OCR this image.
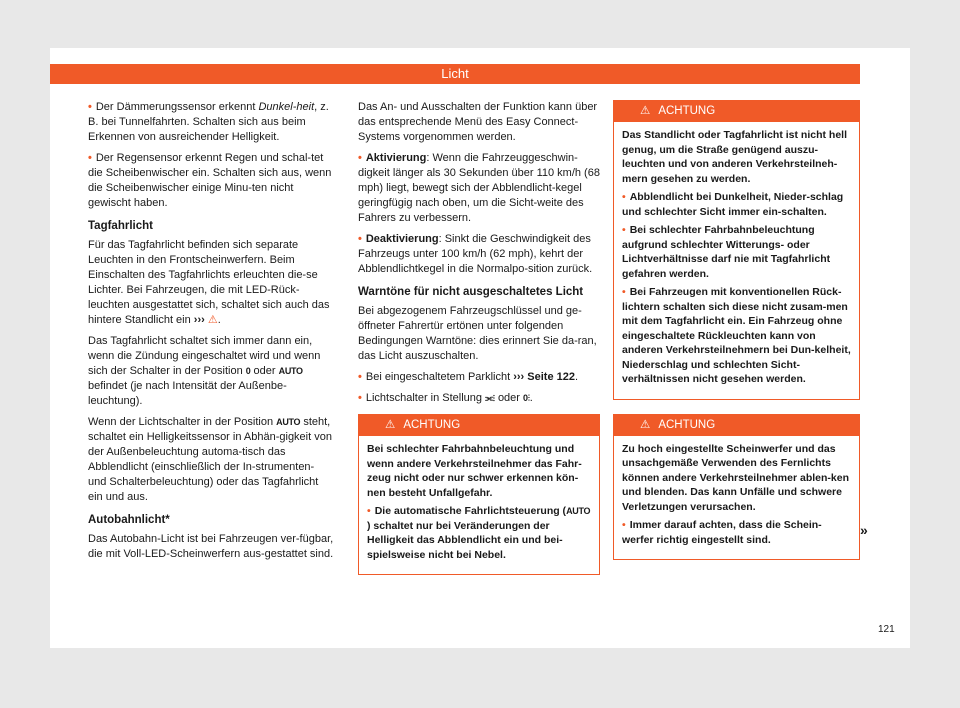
Licht
• Der Dämmerungssensor erkennt Dunkel-heit, z. B. bei Tunnelfahrten. Schalten sich aus beim Erkennen von ausreichender Helligkeit.
• Der Regensensor erkennt Regen und schal-tet die Scheibenwischer ein. Schalten sich aus, wenn die Scheibenwischer einige Minu-ten nicht gewischt haben.
Tagfahrlicht

Für das Tagfahrlicht befinden sich separate Leuchten in den Frontscheinwerfern. Beim Einschalten des Tagfahrlichts erleuchten die-se Lichter. Bei Fahrzeugen, die mit LED-Rück-leuchten ausgestattet sich, schaltet sich auch das hintere Standlicht ein ››› ⚠.

Das Tagfahrlicht schaltet sich immer dann ein, wenn die Zündung eingeschaltet wird und wenn sich der Schalter in der Position 0 oder AUTO befindet (je nach Intensität der Außenbe-leuchtung).

Wenn der Lichtschalter in der Position AUTO steht, schaltet ein Helligkeitssensor in Abhän-gigkeit von der Außenbeleuchtung automa-tisch das Abblendlicht (einschließlich der In-strumenten- und Schalterbeleuchtung) oder das Tagfahrlicht ein und aus.

Autobahnlicht*

Das Autobahn-Licht ist bei Fahrzeugen ver-fügbar, die mit Voll-LED-Scheinwerfern aus-gestattet sind.

Das An- und Ausschalten der Funktion kann über das entsprechende Menü des Easy Connect-Systems vorgenommen werden.

• Aktivierung: Wenn die Fahrzeuggeschwin-digkeit länger als 30 Sekunden über 110 km/h (68 mph) liegt, bewegt sich der Abblendlicht-kegel geringfügig nach oben, um die Sicht-weite des Fahrers zu verbessern.
• Deaktivierung: Sinkt die Geschwindigkeit des Fahrzeugs unter 100 km/h (62 mph), kehrt der Abblendlichtkegel in die Normalpo-sition zurück.
Warntöne für nicht ausgeschaltetes Licht

Bei abgezogenem Fahrzeugschlüssel und ge-öffneter Fahrertür ertönen unter folgenden Bedingungen Warntöne: dies erinnert Sie da-ran, das Licht auszuschalten.

• Bei eingeschaltetem Parklicht ››› Seite 122.
• Lichtschalter in Stellung ⫘⫶ oder 0⫶.
⚠ ACHTUNG

Bei schlechter Fahrbahnbeleuchtung und wenn andere Verkehrsteilnehmer das Fahr-zeug nicht oder nur schwer erkennen kön-nen besteht Unfallgefahr.

• Die automatische Fahrlichtsteuerung (AUTO) schaltet nur bei Veränderungen der Helligkeit das Abblendlicht ein und bei-spielsweise nicht bei Nebel.

⚠ ACHTUNG

Das Standlicht oder Tagfahrlicht ist nicht hell genug, um die Straße genügend auszu-leuchten und von anderen Verkehrsteilneh-mern gesehen zu werden.

• Abblendlicht bei Dunkelheit, Nieder-schlag und schlechter Sicht immer ein-schalten.

• Bei schlechter Fahrbahnbeleuchtung aufgrund schlechter Witterungs- oder Lichtverhältnisse darf nie mit Tagfahrlicht gefahren werden.

• Bei Fahrzeugen mit konventionellen Rück-lichtern schalten sich diese nicht zusam-men mit dem Tagfahrlicht ein. Ein Fahrzeug ohne eingeschaltete Rückleuchten kann von anderen Verkehrsteilnehmern bei Dun-kelheit, Niederschlag und schlechten Sicht-verhältnissen nicht gesehen werden.

⚠ ACHTUNG

Zu hoch eingestellte Scheinwerfer und das unsachgemäße Verwenden des Fernlichts können andere Verkehrsteilnehmer ablen-ken und blenden. Das kann Unfälle und schwere Verletzungen verursachen.

• Immer darauf achten, dass die Schein-werfer richtig eingestellt sind.

»
121
